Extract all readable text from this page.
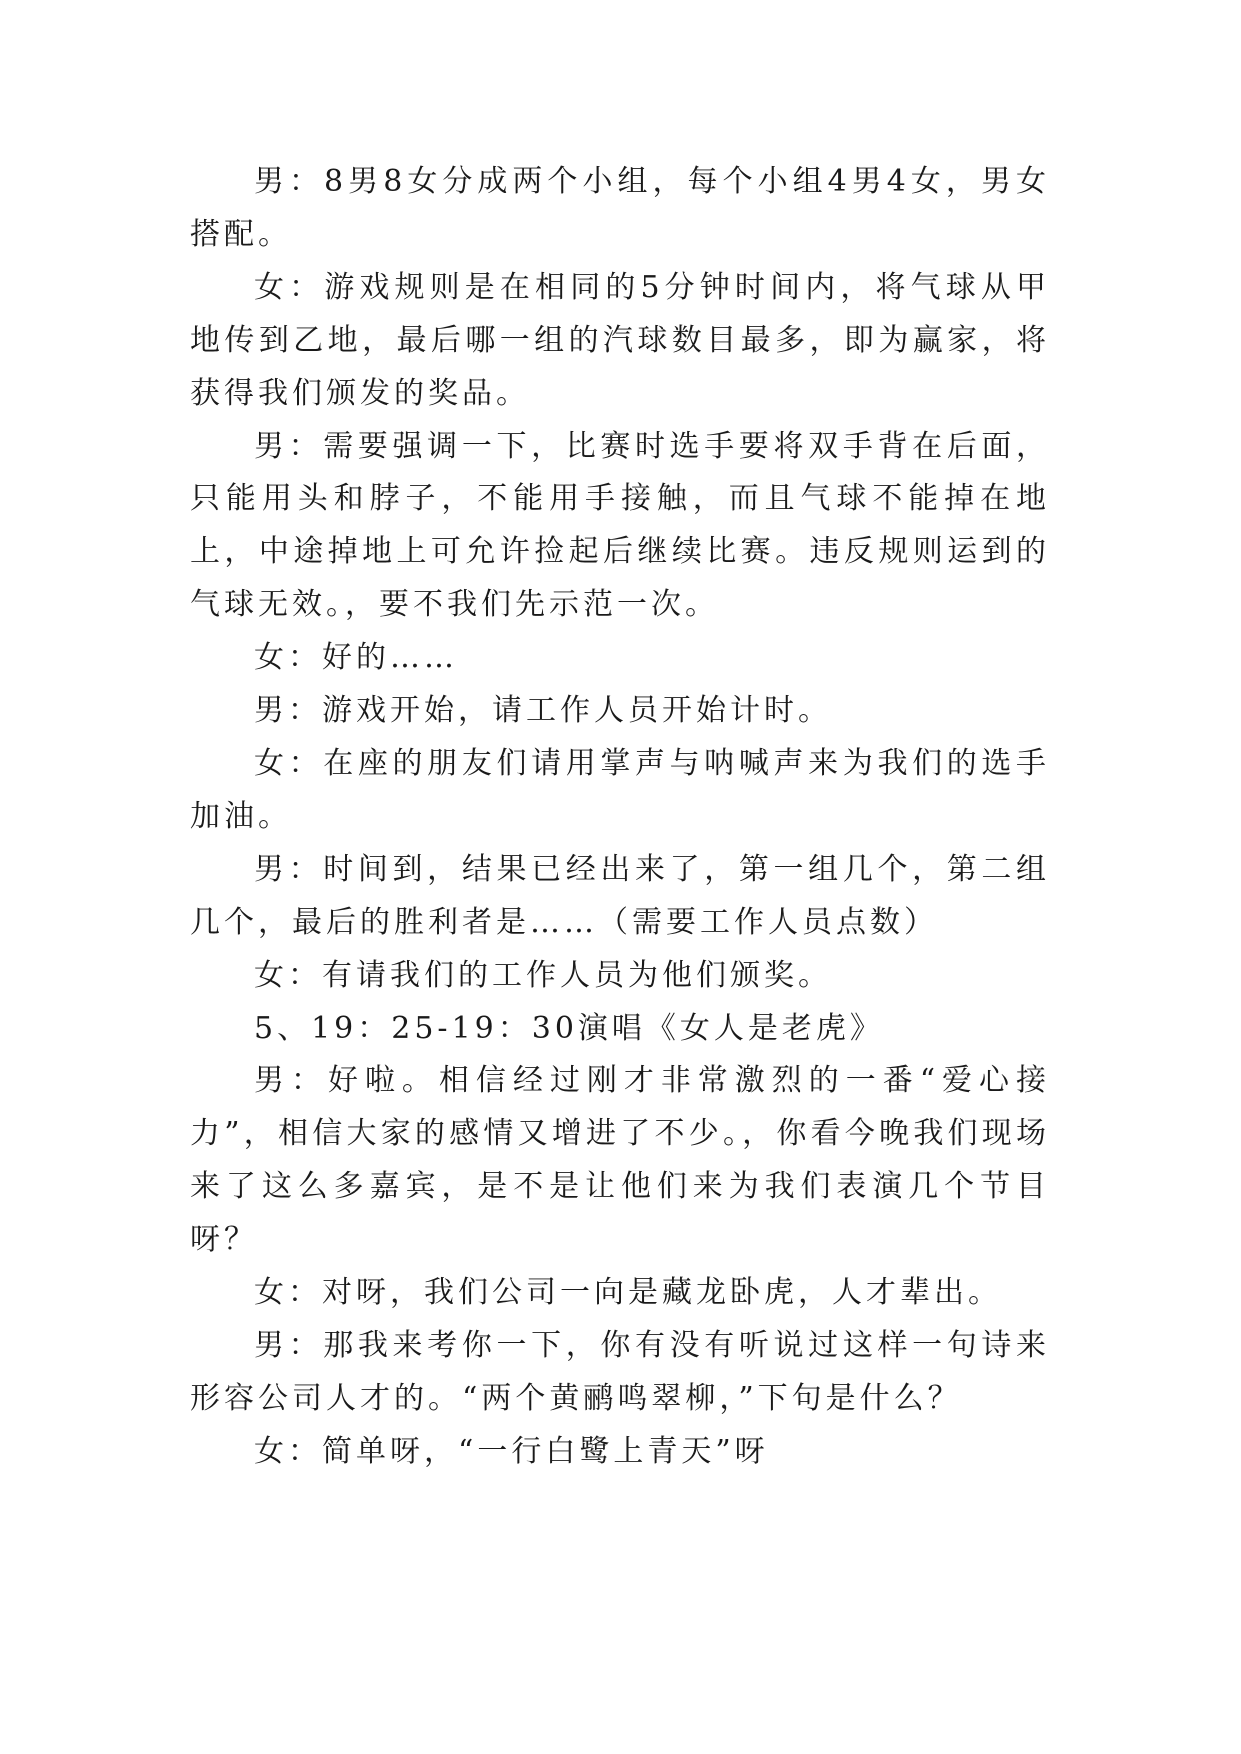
男：8男8女分成两个小组，每个小组4男4女，男女搭配。

女：游戏规则是在相同的5分钟时间内，将气球从甲地传到乙地，最后哪一组的汽球数目最多，即为赢家，将获得我们颁发的奖品。

男：需要强调一下，比赛时选手要将双手背在后面，只能用头和脖子，不能用手接触，而且气球不能掉在地上，中途掉地上可允许捡起后继续比赛。违反规则运到的气球无效。，要不我们先示范一次。

女：好的……

男：游戏开始，请工作人员开始计时。

女：在座的朋友们请用掌声与呐喊声来为我们的选手加油。

男：时间到，结果已经出来了，第一组几个，第二组几个，最后的胜利者是……（需要工作人员点数）

女：有请我们的工作人员为他们颁奖。

5、19：25-19：30演唱《女人是老虎》

男：好啦。相信经过刚才非常激烈的一番“爱心接力”，相信大家的感情又增进了不少。，你看今晚我们现场来了这么多嘉宾，是不是让他们来为我们表演几个节目呀？

女：对呀，我们公司一向是藏龙卧虎，人才辈出。

男：那我来考你一下，你有没有听说过这样一句诗来形容公司人才的。“两个黄鹂鸣翠柳，”下句是什么？

女：简单呀，“一行白鹭上青天”呀
